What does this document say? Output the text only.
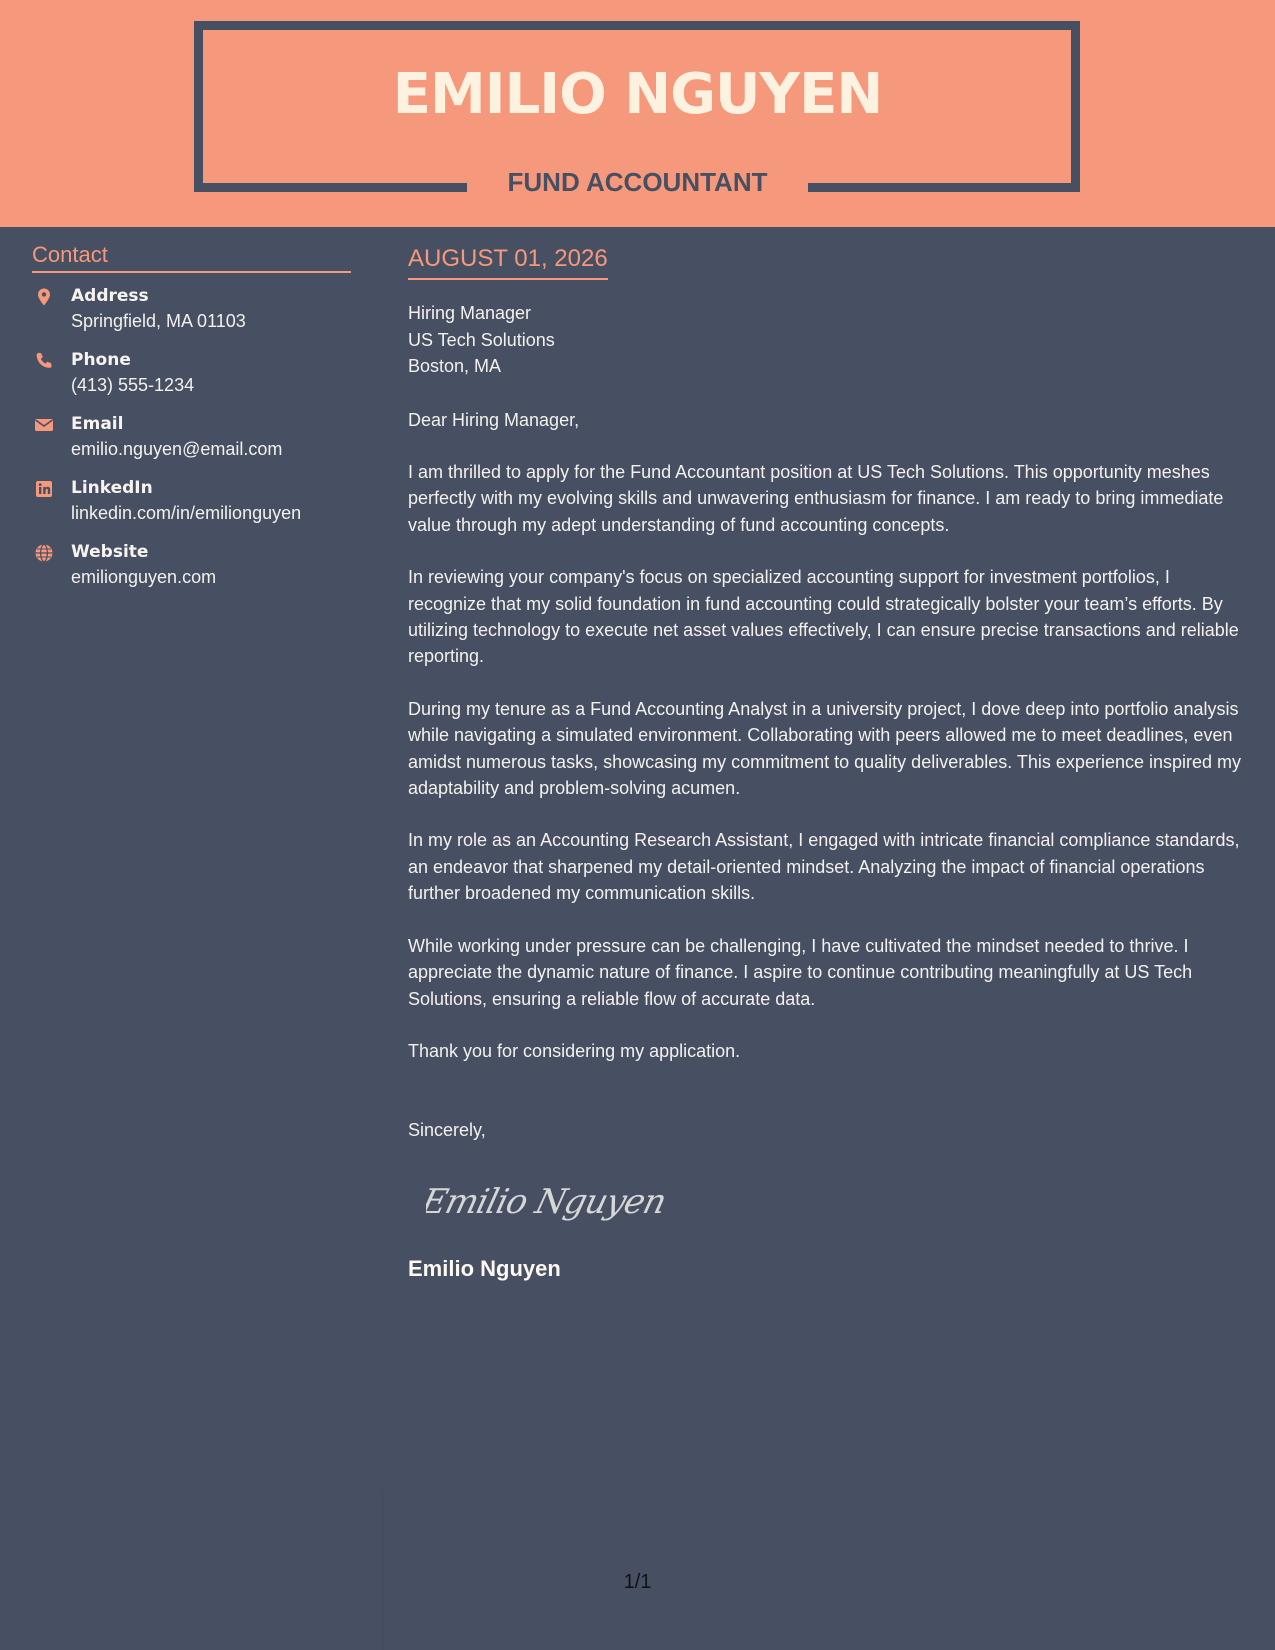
EMILIO NGUYEN
FUND ACCOUNTANT
Contact
Address
Springfield, MA 01103
Phone
(413) 555-1234
Email
emilio.nguyen@email.com
LinkedIn
linkedin.com/in/emilionguyen
Website
emilionguyen.com
AUGUST 01, 2026
Hiring Manager
US Tech Solutions
Boston, MA
Dear Hiring Manager,
I am thrilled to apply for the Fund Accountant position at US Tech Solutions. This opportunity meshes perfectly with my evolving skills and unwavering enthusiasm for finance. I am ready to bring immediate value through my adept understanding of fund accounting concepts.
In reviewing your company's focus on specialized accounting support for investment portfolios, I recognize that my solid foundation in fund accounting could strategically bolster your team’s efforts. By utilizing technology to execute net asset values effectively, I can ensure precise transactions and reliable reporting.
During my tenure as a Fund Accounting Analyst in a university project, I dove deep into portfolio analysis while navigating a simulated environment. Collaborating with peers allowed me to meet deadlines, even amidst numerous tasks, showcasing my commitment to quality deliverables. This experience inspired my adaptability and problem-solving acumen.
In my role as an Accounting Research Assistant, I engaged with intricate financial compliance standards, an endeavor that sharpened my detail-oriented mindset. Analyzing the impact of financial operations further broadened my communication skills.
While working under pressure can be challenging, I have cultivated the mindset needed to thrive. I appreciate the dynamic nature of finance. I aspire to continue contributing meaningfully at US Tech Solutions, ensuring a reliable flow of accurate data.
Thank you for considering my application.
Sincerely,
Emilio Nguyen
Emilio Nguyen
1/1
